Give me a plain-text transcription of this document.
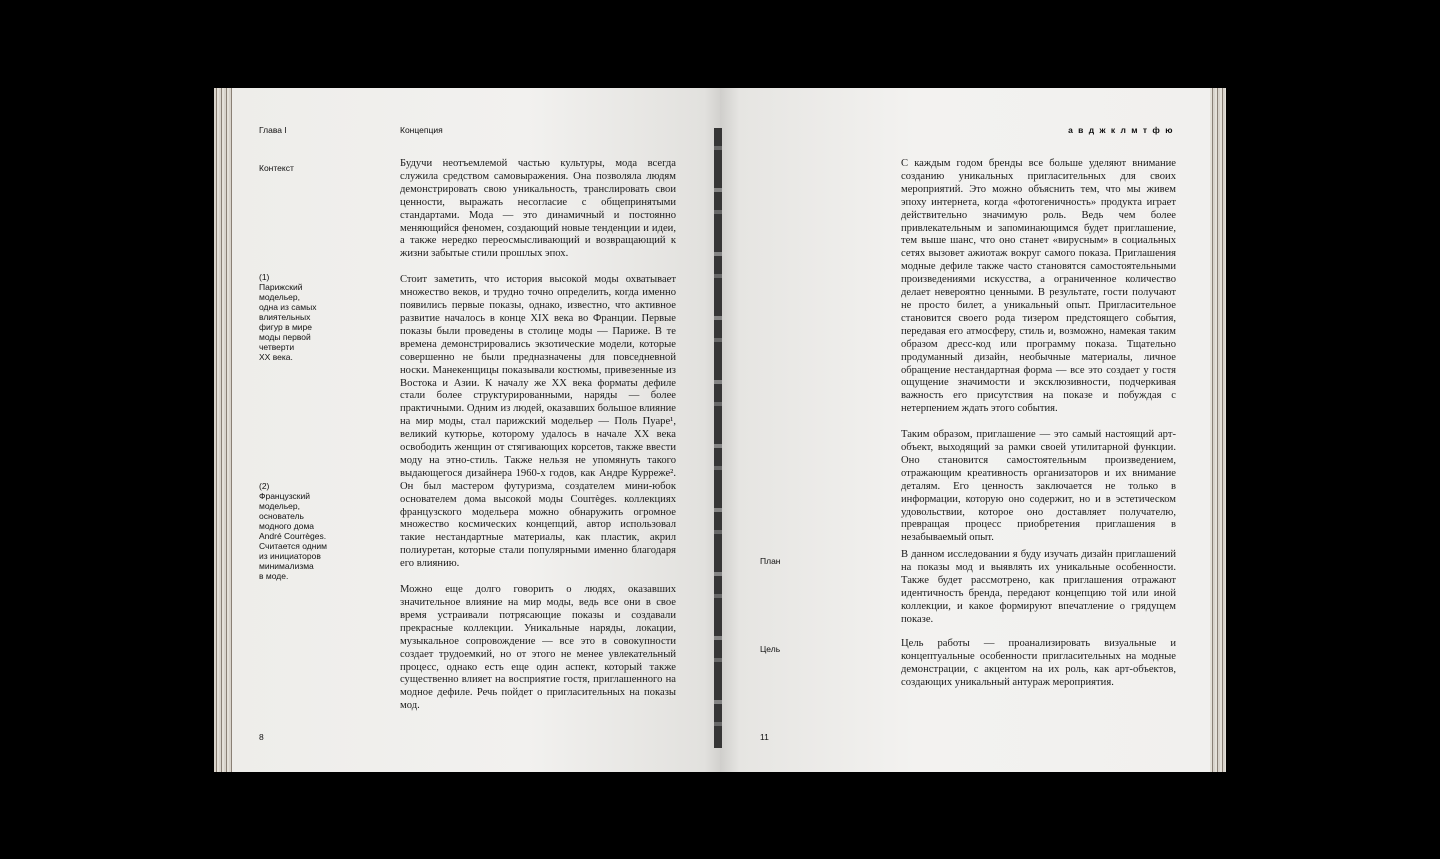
Глава I	Концепция
Контекст
(1)
Парижский
модельер,
одна из самых
влиятельных
фигур в мире
моды первой
четверти
XX века.
(2)
Французский
модельер,
основатель
модного дома
André Courrèges.
Считается одним
из инициаторов
минимализма
в моде.

Будучи неотъемлемой частью культуры, мода всегда служила средством самовыражения. Она позволяла людям демонстрировать свою уникальность, транслировать свои ценности, выражать несогласие с общепринятыми стандартами. Мода — это динамичный и постоянно меняющийся феномен, создающий новые тенденции и идеи, а также нередко переосмысливающий и возвращающий к жизни забытые стили прошлых эпох.

Стоит заметить, что история высокой моды охватывает множество веков, и трудно точно определить, когда именно появились первые показы, однако, известно, что активное развитие началось в конце XIX века во Франции. Первые показы были проведены в столице моды — Париже. В те времена демонстрировались экзотические модели, которые совершенно не были предназначены для повседневной носки. Манекенщицы показывали костюмы, привезенные из Востока и Азии. К началу же XX века форматы дефиле стали более структурированными, наряды — более практичными. Одним из людей, оказавших большое влияние на мир моды, стал парижский модельер — Поль Пуаре¹, великий кутюрье, которому удалось в начале XX века освободить женщин от стягивающих корсетов, также ввести моду на этно-стиль. Также нельзя не упомянуть такого выдающегося дизайнера 1960-х годов, как Андре Курреже². Он был мастером футуризма, создателем мини-юбок основателем дома высокой моды Courrèges. коллекциях французского модельера можно обнаружить огромное множество космических концепций, автор использовал такие нестандартные материалы, как пластик, акрил полиуретан, которые стали популярными именно благодаря его влиянию.

Можно еще долго говорить о людях, оказавших значительное влияние на мир моды, ведь все они в свое время устраивали потрясающие показы и создавали прекрасные коллекции. Уникальные наряды, локации, музыкальное сопровождение — все это в совокупности создает трудоемкий, но от этого не менее увлекательный процесс, однако есть еще один аспект, который также существенно влияет на восприятие гостя, приглашенного на модное дефиле. Речь пойдет о пригласительных на показы мод.

8
а в д ж к л м т ф ю

С каждым годом бренды все больше уделяют внимание созданию уникальных пригласительных для своих мероприятий. Это можно объяснить тем, что мы живем эпоху интернета, когда «фотогеничность» продукта играет действительно значимую роль. Ведь чем более привлекательным и запоминающимся будет приглашение, тем выше шанс, что оно станет «вирусным» в социальных сетях вызовет ажиотаж вокруг самого показа. Приглашения модные дефиле также часто становятся самостоятельными произведениями искусства, а ограниченное количество делает невероятно ценными. В результате, гости получают не просто билет, а уникальный опыт. Пригласительное становится своего рода тизером предстоящего события, передавая его атмосферу, стиль и, возможно, намекая таким образом дресс-код или программу показа. Тщательно продуманный дизайн, необычные материалы, личное обращение нестандартная форма — все это создает у гостя ощущение значимости и эксклюзивности, подчеркивая важность его присутствия на показе и побуждая с нетерпением ждать этого события.

Таким образом, приглашение — это самый настоящий арт-объект, выходящий за рамки своей утилитарной функции. Оно становится самостоятельным произведением, отражающим креативность организаторов и их внимание деталям. Его ценность заключается не только в информации, которую оно содержит, но и в эстетическом удовольствии, которое оно доставляет получателю, превращая процесс приобретения приглашения в незабываемый опыт.

План

В данном исследовании я буду изучать дизайн приглашений на показы мод и выявлять их уникальные особенности. Также будет рассмотрено, как приглашения отражают идентичность бренда, передают концепцию той или иной коллекции, и какое формируют впечатление о грядущем показе.

Цель	Цель работы — проанализировать визуальные и концептуальные особенности пригласительных на модные демонстрации, с акцентом на их роль, как арт-объектов, создающих уникальный антураж мероприятия.

11
